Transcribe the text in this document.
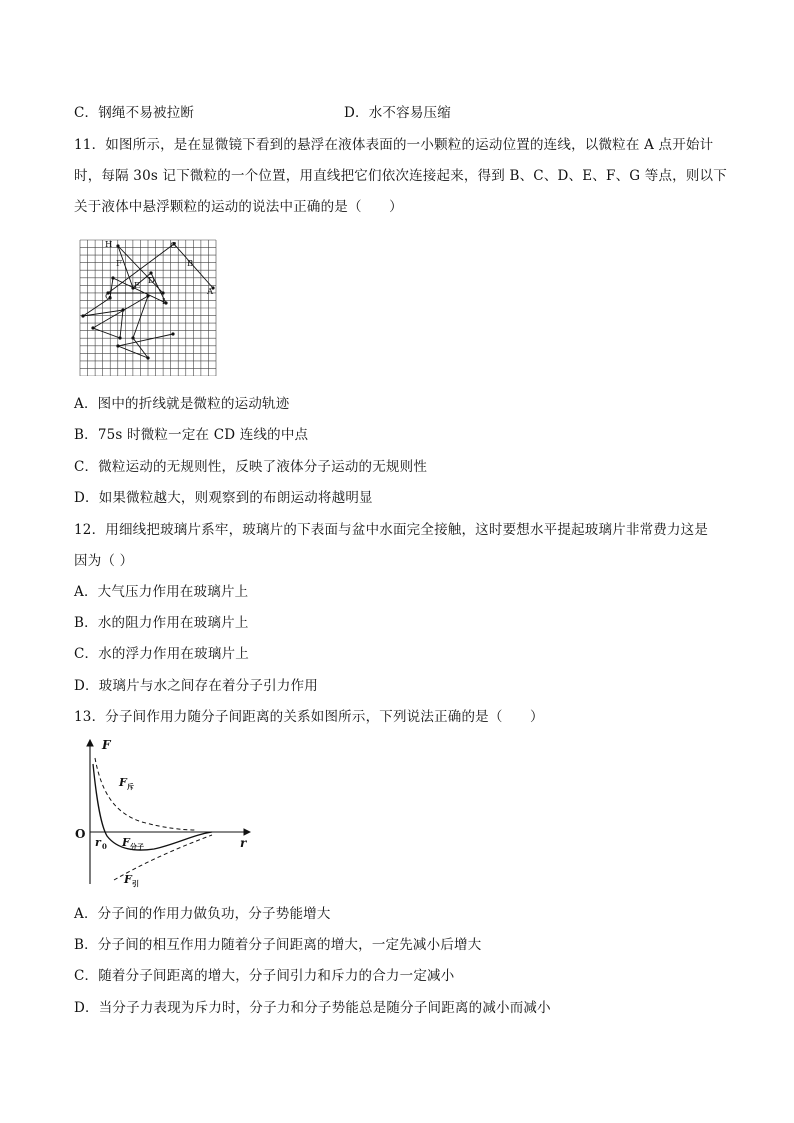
C．钢绳不易被拉断	D．水不容易压缩
11．如图所示，是在显微镜下看到的悬浮在液体表面的一小颗粒的运动位置的连线，以微粒在 A 点开始计
时，每隔 30s 记下微粒的一个位置，用直线把它们依次连接起来，得到 B、C、D、E、F、G 等点，则以下
关于液体中悬浮颗粒的运动的说法中正确的是（　　）
H	C
F	B
D
E
G	I
A
A．图中的折线就是微粒的运动轨迹
B．75s 时微粒一定在 CD 连线的中点
C．微粒运动的无规则性，反映了液体分子运动的无规则性
D．如果微粒越大，则观察到的布朗运动将越明显
12．用细线把玻璃片系牢，玻璃片的下表面与盆中水面完全接触，这时要想水平提起玻璃片非常费力这是
因为（ ）
A．大气压力作用在玻璃片上
B．水的阻力作用在玻璃片上
C．水的浮力作用在玻璃片上
D．玻璃片与水之间存在着分子引力作用
13．分子间作用力随分子间距离的关系如图所示，下列说法正确的是（　　）
F
r
O
r 0
F 斥
F 分子
F 引
A．分子间的作用力做负功，分子势能增大
B．分子间的相互作用力随着分子间距离的增大，一定先减小后增大
C．随着分子间距离的增大，分子间引力和斥力的合力一定减小
D．当分子力表现为斥力时，分子力和分子势能总是随分子间距离的减小而减小
